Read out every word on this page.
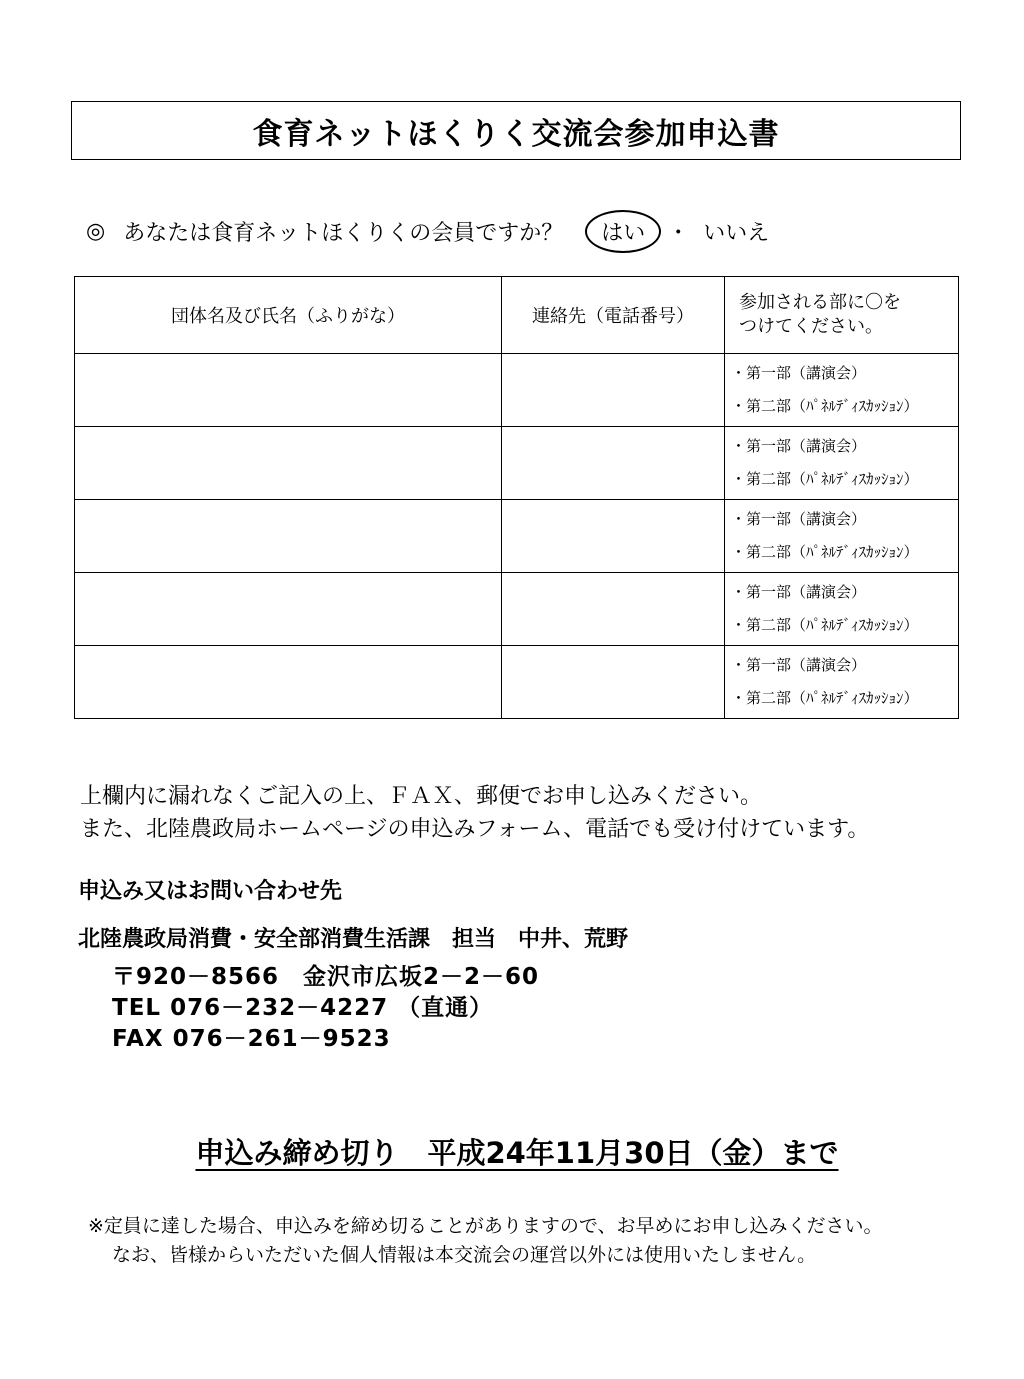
食育ネットほくりく交流会参加申込書
◎ あなたは食育ネットほくりくの会員ですか？	はい	・ いいえ
団体名及び氏名（ふりがな）	連絡先（電話番号）	参加される部に〇を
つけてください。

		・第一部（講演会）
・第二部（ﾊﾟﾈﾙﾃﾞｨｽｶｯｼｮﾝ）

		・第一部（講演会）
・第二部（ﾊﾟﾈﾙﾃﾞｨｽｶｯｼｮﾝ）

		・第一部（講演会）
・第二部（ﾊﾟﾈﾙﾃﾞｨｽｶｯｼｮﾝ）

		・第一部（講演会）
・第二部（ﾊﾟﾈﾙﾃﾞｨｽｶｯｼｮﾝ）

		・第一部（講演会）
・第二部（ﾊﾟﾈﾙﾃﾞｨｽｶｯｼｮﾝ）

上欄内に漏れなくご記入の上、ＦＡＸ、郵便でお申し込みください。

また、北陸農政局ホームページの申込みフォーム、電話でも受け付けています。

申込み又はお問い合わせ先
北陸農政局消費・安全部消費生活課　担当　中井、荒野
〒920－8566　金沢市広坂2－2－60
TEL 076－232－4227 （直通）
FAX 076－261－9523
申込み締め切り　平成24年11月30日（金）まで
※定員に達した場合、申込みを締め切ることがありますので、お早めにお申し込みください。
なお、皆様からいただいた個人情報は本交流会の運営以外には使用いたしません。
